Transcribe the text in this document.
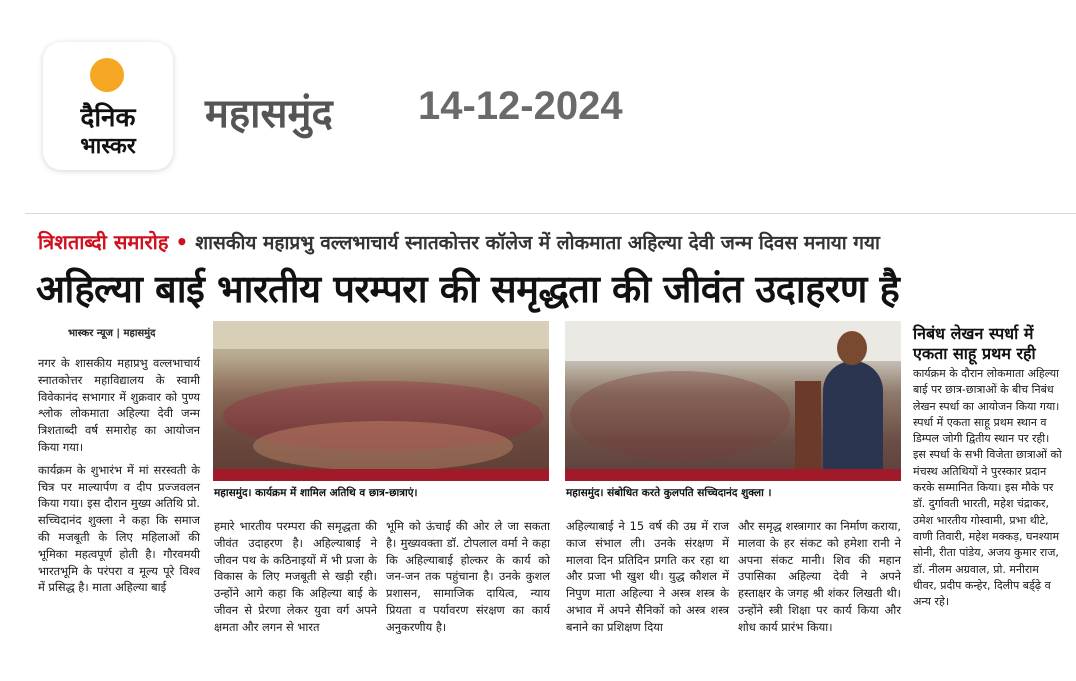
दैनिक
भास्कर
महासमुंद 14-12-2024
त्रिशताब्दी समारोह • शासकीय महाप्रभु वल्लभाचार्य स्नातकोत्तर कॉलेज में लोकमाता अहिल्या देवी जन्म दिवस मनाया गया
अहिल्या बाई भारतीय परम्परा की समृद्धता की जीवंत उदाहरण है
भास्कर न्यूज | महासमुंद

नगर के शासकीय महाप्रभु वल्लभाचार्य स्नातकोत्तर महाविद्यालय के स्वामी विवेकानंद सभागार में शुक्रवार को पुण्य श्लोक लोकमाता अहिल्या देवी जन्म त्रिशताब्दी वर्ष समारोह का आयोजन किया गया।

कार्यक्रम के शुभारंभ में मां सरस्वती के चित्र पर माल्यार्पण व दीप प्रज्जवलन किया गया। इस दौरान मुख्य अतिथि प्रो. सच्चिदानंद शुक्ला ने कहा कि समाज की मजबूती के लिए महिलाओं की भूमिका महत्वपूर्ण होती है। गौरवमयी भारतभूमि के परंपरा व मूल्य पूरे विश्व में प्रसिद्ध है। माता अहिल्या बाई

महासमुंद। कार्यक्रम में शामिल अतिथि व छात्र-छात्राएं।	महासमुंद। संबोधित करते कुलपति सच्चिदानंद शुक्ला ।

हमारे भारतीय परम्परा की समृद्धता की जीवंत उदाहरण है। अहिल्याबाई ने जीवन पथ के कठिनाइयों में भी प्रजा के विकास के लिए मजबूती से खड़ी रही। उन्होंने आगे कहा कि अहिल्या बाई के जीवन से प्रेरणा लेकर युवा वर्ग अपने क्षमता और लगन से भारत

भूमि को ऊंचाई की ओर ले जा सकता है। मुख्यवक्ता डॉ. टोपलाल वर्मा ने कहा कि अहिल्याबाई होल्कर के कार्य को जन-जन तक पहुंचाना है। उनके कुशल प्रशासन, सामाजिक दायित्व, न्याय प्रियता व पर्यावरण संरक्षण का कार्य अनुकरणीय है।

अहिल्याबाई ने 15 वर्ष की उम्र में राज काज संभाल ली। उनके संरक्षण में मालवा दिन प्रतिदिन प्रगति कर रहा था और प्रजा भी खुश थी। युद्ध कौशल में निपुण माता अहिल्या ने अस्त्र शस्त्र के अभाव में अपने सैनिकों को अस्त्र शस्त्र बनाने का प्रशिक्षण दिया

और समृद्ध शस्त्रागार का निर्माण कराया, मालवा के हर संकट को हमेशा रानी ने अपना संकट मानी। शिव की महान उपासिका अहिल्या देवी ने अपने हस्ताक्षर के जगह श्री शंकर लिखती थी। उन्होंने स्त्री शिक्षा पर कार्य किया और शोध कार्य प्रारंभ किया।

निबंध लेखन स्पर्धा में एकता साहू प्रथम रही
कार्यक्रम के दौरान लोकमाता अहिल्या बाई पर छात्र-छात्राओं के बीच निबंध लेखन स्पर्धा का आयोजन किया गया। स्पर्धा में एकता साहू प्रथम स्थान व डिम्पल जोगी द्वितीय स्थान पर रही। इस स्पर्धा के सभी विजेता छात्राओं को मंचस्थ अतिथियों ने पुरस्कार प्रदान करके सम्मानित किया। इस मौके पर डॉ. दुर्गावती भारती, महेश चंद्राकर, उमेश भारतीय गोस्वामी, प्रभा थीटे, वाणी तिवारी, महेश मक्कड़, घनश्याम सोनी, रीता पांडेय, अजय कुमार राज, डॉ. नीलम अग्रवाल, प्रो. मनीराम धीवर, प्रदीप कन्हेर, दिलीप बर्ड्ढ़े व अन्य रहे।
